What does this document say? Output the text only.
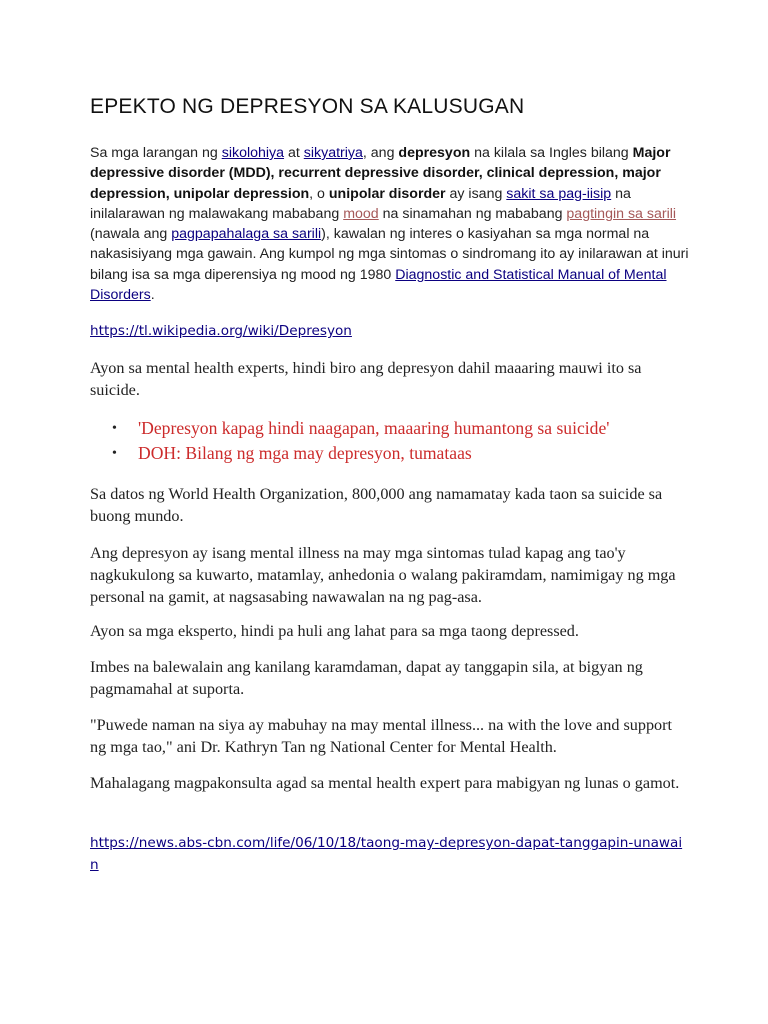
EPEKTO NG DEPRESYON SA KALUSUGAN

Sa mga larangan ng sikolohiya at sikyatriya, ang depresyon na kilala sa Ingles bilang Major depressive disorder (MDD), recurrent depressive disorder, clinical depression, major depression, unipolar depression, o unipolar disorder ay isang sakit sa pag-iisip na inilalarawan ng malawakang mababang mood na sinamahan ng mababang pagtingin sa sarili (nawala ang pagpapahalaga sa sarili), kawalan ng interes o kasiyahan sa mga normal na nakasisiyang mga gawain. Ang kumpol ng mga sintomas o sindromang ito ay inilarawan at inuri bilang isa sa mga diperensiya ng mood ng 1980 Diagnostic and Statistical Manual of Mental Disorders.

https://tl.wikipedia.org/wiki/Depresyon

Ayon sa mental health experts, hindi biro ang depresyon dahil maaaring mauwi ito sa suicide.

• 'Depresyon kapag hindi naagapan, maaaring humantong sa suicide'
• DOH: Bilang ng mga may depresyon, tumataas

Sa datos ng World Health Organization, 800,000 ang namamatay kada taon sa suicide sa buong mundo.

Ang depresyon ay isang mental illness na may mga sintomas tulad kapag ang tao'y nagkukulong sa kuwarto, matamlay, anhedonia o walang pakiramdam, namimigay ng mga personal na gamit, at nagsasabing nawawalan na ng pag-asa.

Ayon sa mga eksperto, hindi pa huli ang lahat para sa mga taong depressed.

Imbes na balewalain ang kanilang karamdaman, dapat ay tanggapin sila, at bigyan ng pagmamahal at suporta.

"Puwede naman na siya ay mabuhay na may mental illness... na with the love and support ng mga tao," ani Dr. Kathryn Tan ng National Center for Mental Health.

Mahalagang magpakonsulta agad sa mental health expert para mabigyan ng lunas o gamot.

https://news.abs-cbn.com/life/06/10/18/taong-may-depresyon-dapat-tanggapin-unawain
